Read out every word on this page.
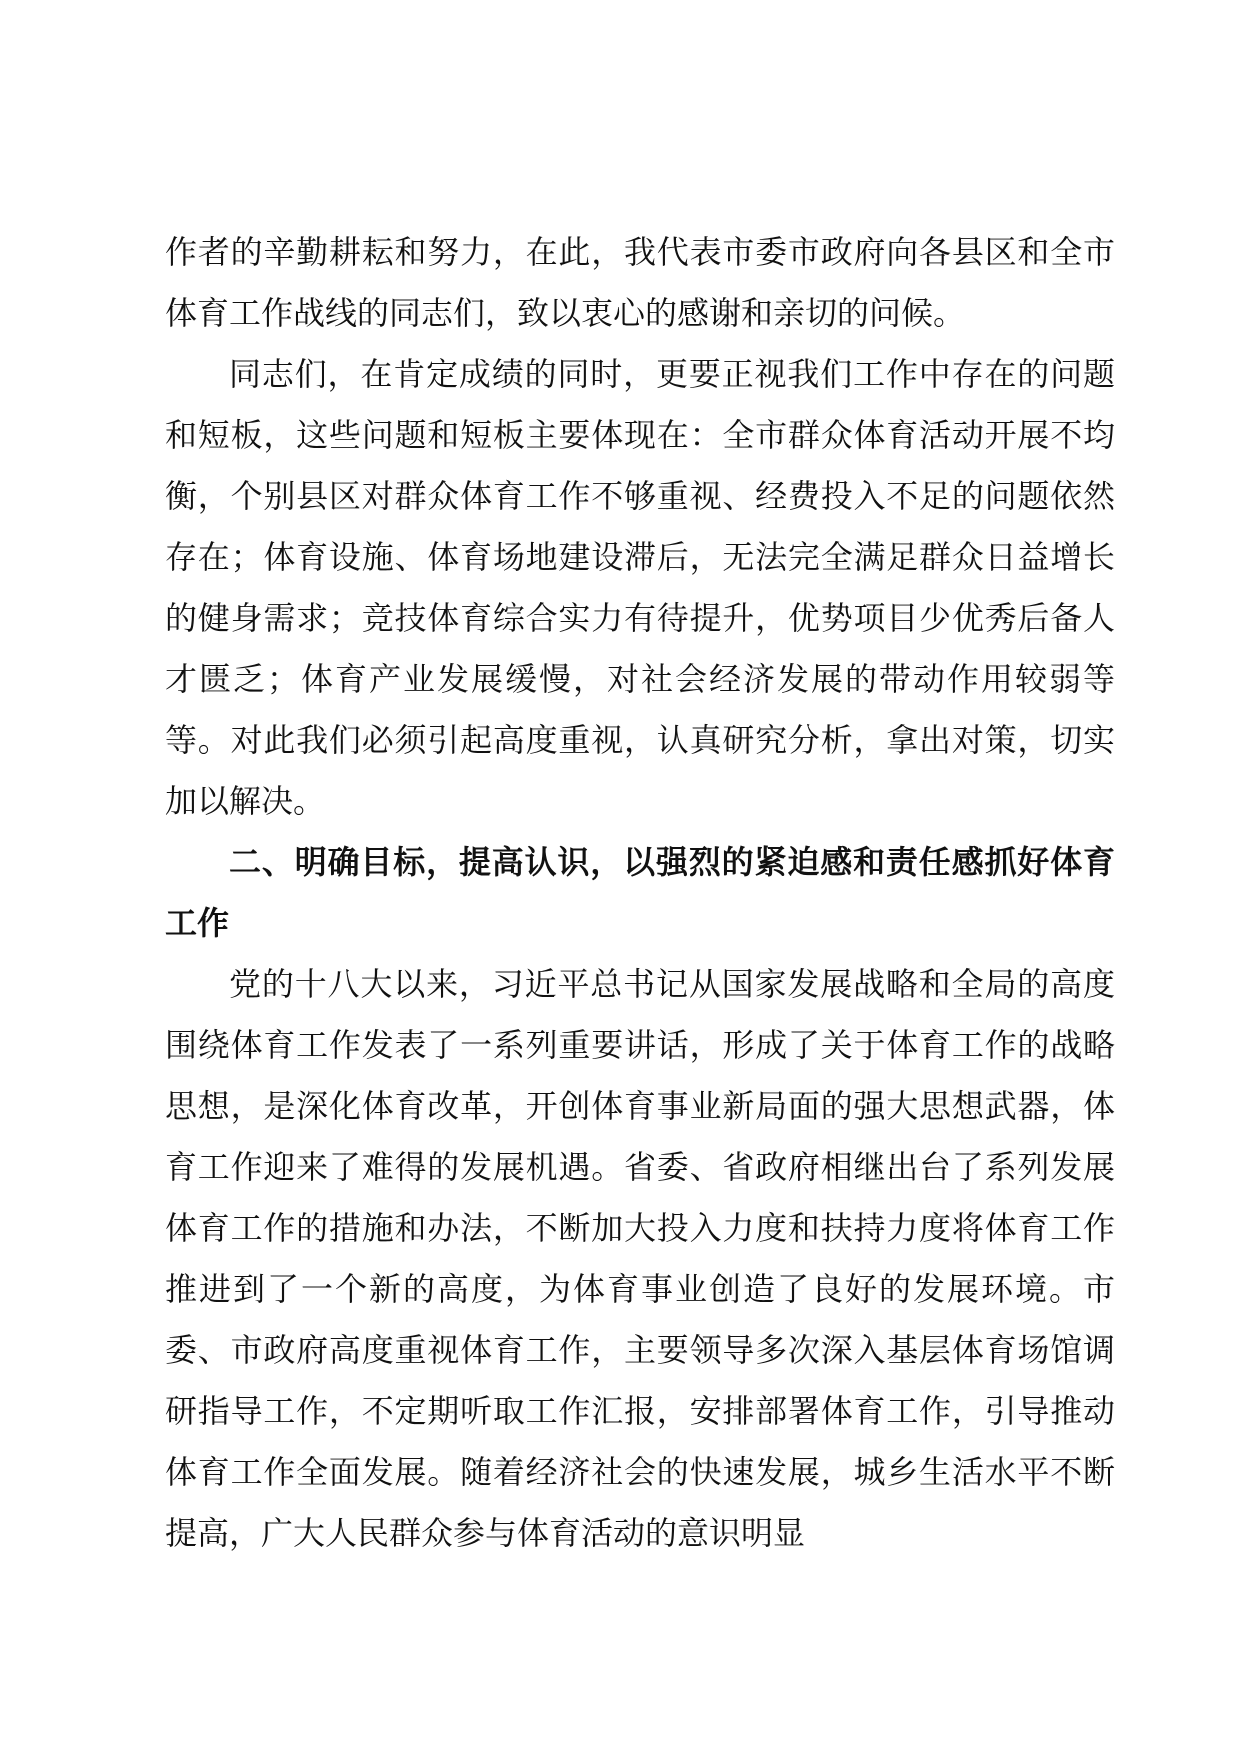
作者的辛勤耕耘和努力，在此，我代表市委市政府向各县区和全市体育工作战线的同志们，致以衷心的感谢和亲切的问候。

同志们，在肯定成绩的同时，更要正视我们工作中存在的问题和短板，这些问题和短板主要体现在：全市群众体育活动开展不均衡，个别县区对群众体育工作不够重视、经费投入不足的问题依然存在；体育设施、体育场地建设滞后，无法完全满足群众日益增长的健身需求；竞技体育综合实力有待提升，优势项目少优秀后备人才匮乏；体育产业发展缓慢，对社会经济发展的带动作用较弱等等。对此我们必须引起高度重视，认真研究分析，拿出对策，切实加以解决。

二、明确目标，提高认识，以强烈的紧迫感和责任感抓好体育工作

党的十八大以来，习近平总书记从国家发展战略和全局的高度围绕体育工作发表了一系列重要讲话，形成了关于体育工作的战略思想，是深化体育改革，开创体育事业新局面的强大思想武器，体育工作迎来了难得的发展机遇。省委、省政府相继出台了系列发展体育工作的措施和办法，不断加大投入力度和扶持力度将体育工作推进到了一个新的高度，为体育事业创造了良好的发展环境。市委、市政府高度重视体育工作，主要领导多次深入基层体育场馆调研指导工作，不定期听取工作汇报，安排部署体育工作，引导推动体育工作全面发展。随着经济社会的快速发展，城乡生活水平不断提高，广大人民群众参与体育活动的意识明显
